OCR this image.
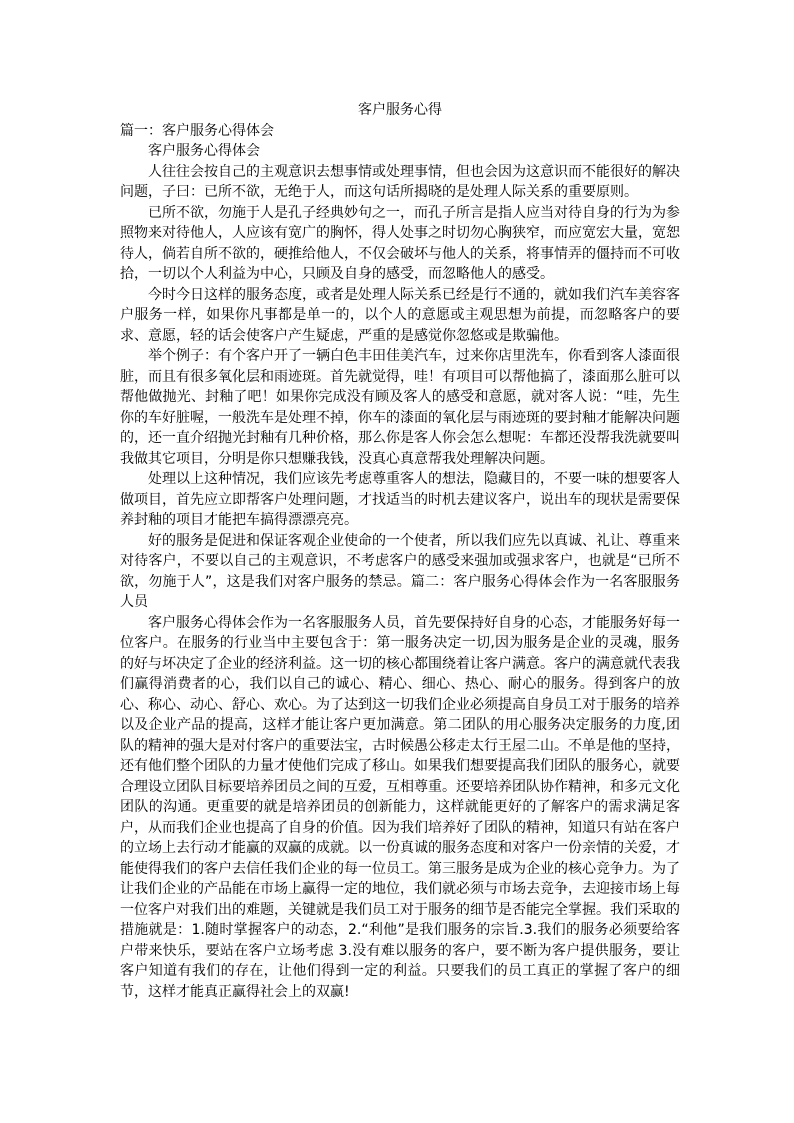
客户服务心得

篇一：客户服务心得体会

客户服务心得体会

人往往会按自己的主观意识去想事情或处理事情，但也会因为这意识而不能很好的解决问题，子曰：已所不欲，无绝于人，而这句话所揭晓的是处理人际关系的重要原则。

已所不欲，勿施于人是孔子经典妙句之一，而孔子所言是指人应当对待自身的行为为参照物来对待他人，人应该有宽广的胸怀，得人处事之时切勿心胸狭窄，而应宽宏大量，宽恕待人，倘若自所不欲的，硬推给他人，不仅会破坏与他人的关系，将事情弄的僵持而不可收拾，一切以个人利益为中心，只顾及自身的感受，而忽略他人的感受。

今时今日这样的服务态度，或者是处理人际关系已经是行不通的，就如我们汽车美容客户服务一样，如果你凡事都是单一的，以个人的意愿或主观思想为前提，而忽略客户的要求、意愿，轻的话会使客户产生疑虑，严重的是感觉你忽悠或是欺骗他。

举个例子：有个客户开了一辆白色丰田佳美汽车，过来你店里洗车，你看到客人漆面很脏，而且有很多氧化层和雨迹斑。首先就觉得，哇！有项目可以帮他搞了，漆面那么脏可以帮他做抛光、封釉了吧！如果你完成没有顾及客人的感受和意愿，就对客人说：“哇，先生你的车好脏喔，一般洗车是处理不掉，你车的漆面的氧化层与雨迹斑的要封釉才能解决问题的，还一直介绍抛光封釉有几种价格，那么你是客人你会怎么想呢：车都还没帮我洗就要叫我做其它项目，分明是你只想赚我钱，没真心真意帮我处理解决问题。

处理以上这种情况，我们应该先考虑尊重客人的想法，隐藏目的，不要一味的想要客人做项目，首先应立即帮客户处理问题，才找适当的时机去建议客户，说出车的现状是需要保养封釉的项目才能把车搞得漂漂亮亮。

好的服务是促进和保证客观企业使命的一个使者，所以我们应先以真诚、礼让、尊重来对待客户，不要以自己的主观意识，不考虑客户的感受来强加或强求客户，也就是“已所不欲，勿施于人”，这是我们对客户服务的禁忌。篇二：客户服务心得体会作为一名客服服务人员

客户服务心得体会作为一名客服服务人员，首先要保持好自身的心态，才能服务好每一位客户。在服务的行业当中主要包含于：第一服务决定一切,因为服务是企业的灵魂，服务的好与坏决定了企业的经济利益。这一切的核心都围绕着让客户满意。客户的满意就代表我们赢得消费者的心，我们以自己的诚心、精心、细心、热心、耐心的服务。得到客户的放心、称心、动心、舒心、欢心。为了达到这一切我们企业必须提高自身员工对于服务的培养以及企业产品的提高，这样才能让客户更加满意。第二团队的用心服务决定服务的力度,团队的精神的强大是对付客户的重要法宝，古时候愚公移走太行王屋二山。不单是他的坚持，还有他们整个团队的力量才使他们完成了移山。如果我们想要提高我们团队的服务心，就要合理设立团队目标要培养团员之间的互爱，互相尊重。还要培养团队协作精神，和多元文化团队的沟通。更重要的就是培养团员的创新能力，这样就能更好的了解客户的需求满足客户，从而我们企业也提高了自身的价值。因为我们培养好了团队的精神，知道只有站在客户的立场上去行动才能赢的双赢的成就。以一份真诚的服务态度和对客户一份亲情的关爱，才能使得我们的客户去信任我们企业的每一位员工。第三服务是成为企业的核心竞争力。为了让我们企业的产品能在市场上赢得一定的地位，我们就必须与市场去竞争，去迎接市场上每一位客户对我们出的难题，关键就是我们员工对于服务的细节是否能完全掌握。我们采取的措施就是：1.随时掌握客户的动态，2.“利他”是我们服务的宗旨.3.我们的服务必须要给客户带来快乐，要站在客户立场考虑 3.没有难以服务的客户，要不断为客户提供服务，要让客户知道有我们的存在，让他们得到一定的利益。只要我们的员工真正的掌握了客户的细节，这样才能真正赢得社会上的双赢!
